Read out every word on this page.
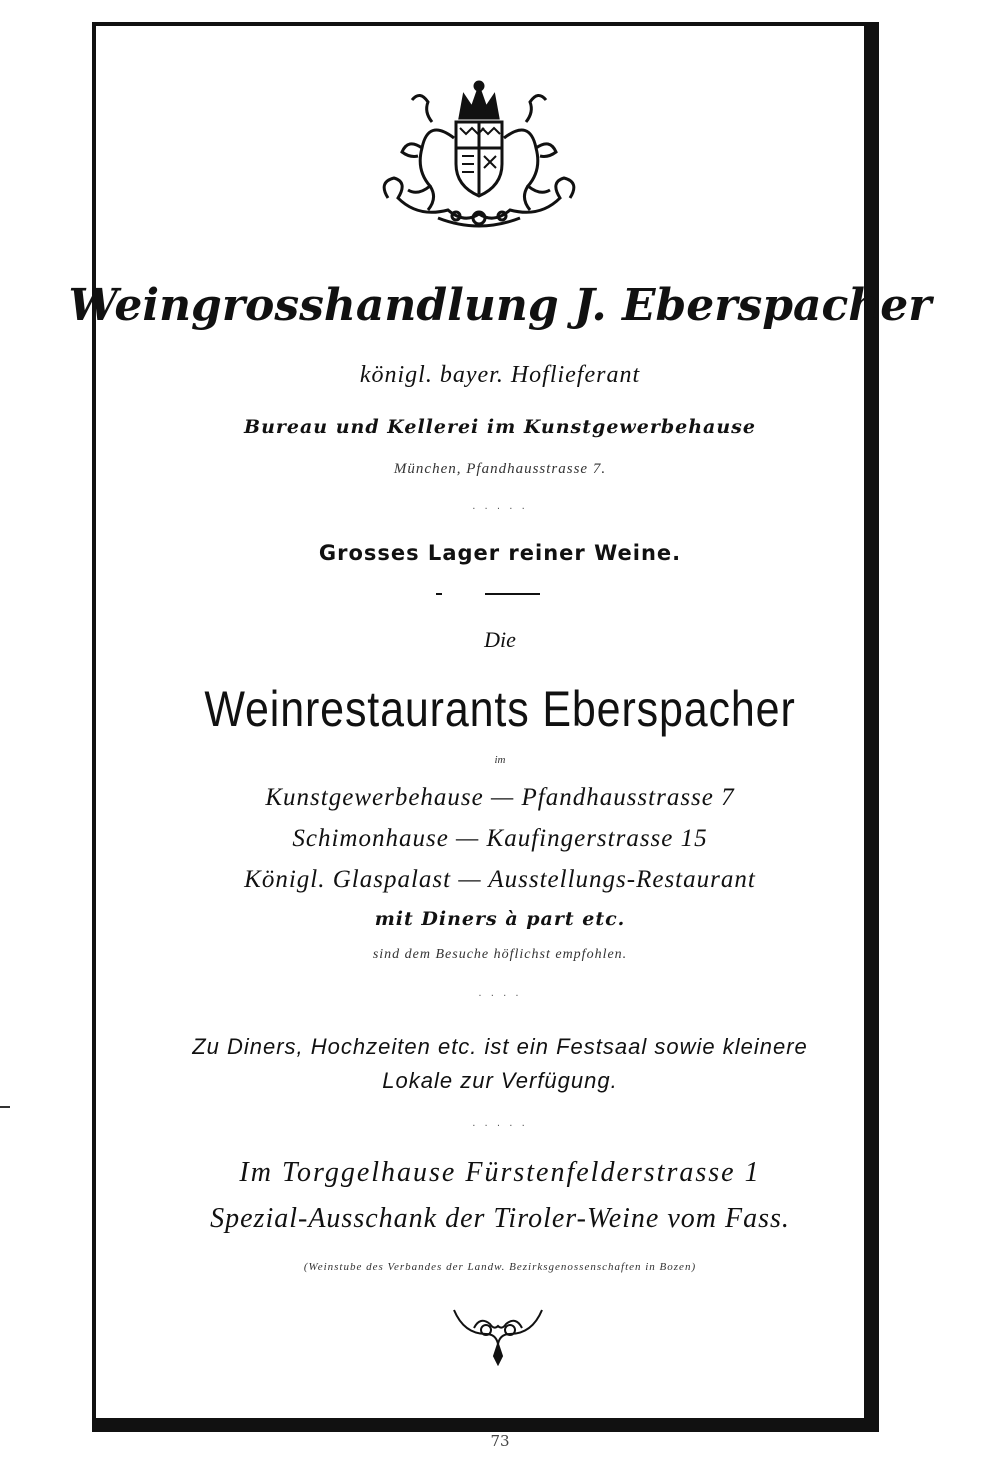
Weingrosshandlung J. Eberspacher
königl. bayer. Hoflieferant
Bureau und Kellerei im Kunstgewerbehause
München, Pfandhausstrasse 7.
· · · · ·
Grosses Lager reiner Weine.
Die
Weinrestaurants Eberspacher
im
Kunstgewerbehause — Pfandhausstrasse 7
Schimonhause — Kaufingerstrasse 15
Königl. Glaspalast — Ausstellungs-Restaurant
mit Diners à part etc.
sind dem Besuche höflichst empfohlen.
· · · ·
Zu Diners, Hochzeiten etc. ist ein Festsaal sowie kleinere
Lokale zur Verfügung.
· · · · ·
Im Torggelhause Fürstenfelderstrasse 1
Spezial-Ausschank der Tiroler-Weine vom Fass.
(Weinstube des Verbandes der Landw. Bezirksgenossenschaften in Bozen)
73
